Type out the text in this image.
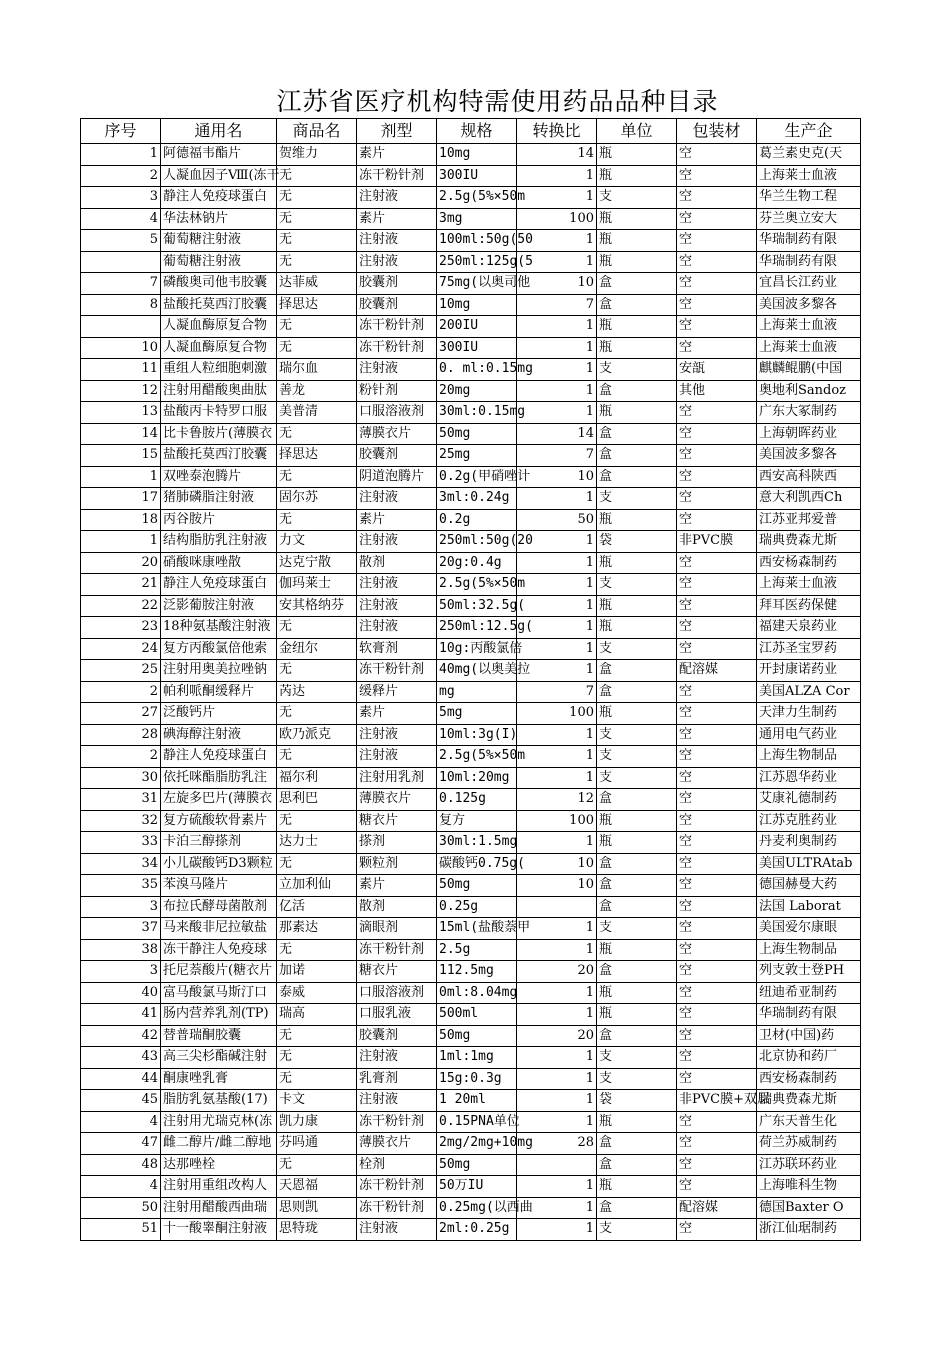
江苏省医疗机构特需使用药品品种目录
序号	通用名	商品名	剂型	规格	转换比	单位	包装材	生产企
1	阿德福韦酯片	贺维力	素片	10mg	14	瓶	空	葛兰素史克(天
2	人凝血因子Ⅷ(冻干	无	冻干粉针剂	300IU	1	瓶	空	上海莱士血液
3	静注人免疫球蛋白	无	注射液	2.5g(5%×50m	1	支	空	华兰生物工程
4	华法林钠片	无	素片	3mg	100	瓶	空	芬兰奥立安大
5	葡萄糖注射液	无	注射液	100ml:50g(50	1	瓶	空	华瑞制药有限
	葡萄糖注射液	无	注射液	250ml:125g(5	1	瓶	空	华瑞制药有限
7	磷酸奥司他韦胶囊	达菲威	胶囊剂	75mg(以奥司他	10	盒	空	宜昌长江药业
8	盐酸托莫西汀胶囊	择思达	胶囊剂	10mg	7	盒	空	美国波多黎各
	人凝血酶原复合物	无	冻干粉针剂	200IU	1	瓶	空	上海莱士血液
10	人凝血酶原复合物	无	冻干粉针剂	300IU	1	瓶	空	上海莱士血液
11	重组人粒细胞刺激	瑞尔血	注射液	0. ml:0.15mg	1	支	安瓿	麒麟鲲鹏(中国
12	注射用醋酸奥曲肽	善龙	粉针剂	20mg	1	盒	其他	奥地利Sandoz
13	盐酸丙卡特罗口服	美普清	口服溶液剂	30ml:0.15mg	1	瓶	空	广东大冢制药
14	比卡鲁胺片(薄膜衣	无	薄膜衣片	50mg	14	盒	空	上海朝晖药业
15	盐酸托莫西汀胶囊	择思达	胶囊剂	25mg	7	盒	空	美国波多黎各
1	双唑泰泡腾片	无	阴道泡腾片	0.2g(甲硝唑计	10	盒	空	西安高科陕西
17	猪肺磷脂注射液	固尔苏	注射液	3ml:0.24g	1	支	空	意大利凯西Ch
18	丙谷胺片	无	素片	0.2g	50	瓶	空	江苏亚邦爱普
1	结构脂肪乳注射液	力文	注射液	250ml:50g(20	1	袋	非PVC膜	瑞典费森尤斯
20	硝酸咪康唑散	达克宁散	散剂	20g:0.4g	1	瓶	空	西安杨森制药
21	静注人免疫球蛋白	伽玛莱士	注射液	2.5g(5%×50m	1	支	空	上海莱士血液
22	泛影葡胺注射液	安其格纳芬	注射液	50ml:32.5g(	1	瓶	空	拜耳医药保健
23	18种氨基酸注射液	无	注射液	250ml:12.5g(	1	瓶	空	福建天泉药业
24	复方丙酸氯倍他索	金纽尔	软膏剂	10g:丙酸氯倍	1	支	空	江苏圣宝罗药
25	注射用奥美拉唑钠	无	冻干粉针剂	40mg(以奥美拉	1	盒	配溶媒	开封康诺药业
2	帕利哌酮缓释片	芮达	缓释片	mg	7	盒	空	美国ALZA Cor
27	泛酸钙片	无	素片	5mg	100	瓶	空	天津力生制药
28	碘海醇注射液	欧乃派克	注射液	10ml:3g(I)	1	支	空	通用电气药业
2	静注人免疫球蛋白	无	注射液	2.5g(5%×50m	1	支	空	上海生物制品
30	依托咪酯脂肪乳注	福尔利	注射用乳剂	10ml:20mg	1	支	空	江苏恩华药业
31	左旋多巴片(薄膜衣	思利巴	薄膜衣片	0.125g	12	盒	空	艾康礼德制药
32	复方硫酸软骨素片	无	糖衣片	复方	100	瓶	空	江苏克胜药业
33	卡泊三醇搽剂	达力士	搽剂	30ml:1.5mg	1	瓶	空	丹麦利奥制药
34	小儿碳酸钙D3颗粒	无	颗粒剂	碳酸钙0.75g(	10	盒	空	美国ULTRAtab
35	苯溴马隆片	立加利仙	素片	50mg	10	盒	空	德国赫曼大药
3	布拉氏酵母菌散剂	亿活	散剂	0.25g		盒	空	法国 Laborat
37	马来酸非尼拉敏盐	那素达	滴眼剂	15ml(盐酸萘甲	1	支	空	美国爱尔康眼
38	冻干静注人免疫球	无	冻干粉针剂	2.5g	1	瓶	空	上海生物制品
3	托尼萘酸片(糖衣片	加诺	糖衣片	112.5mg	20	盒	空	列支敦士登PH
40	富马酸氯马斯汀口	泰威	口服溶液剂	0ml:8.04mg	1	瓶	空	纽迪希亚制药
41	肠内营养乳剂(TP)	瑞高	口服乳液	500ml	1	瓶	空	华瑞制药有限
42	替普瑞酮胶囊	无	胶囊剂	50mg	20	盒	空	卫材(中国)药
43	高三尖杉酯碱注射	无	注射液	1ml:1mg	1	支	空	北京协和药厂
44	酮康唑乳膏	无	乳膏剂	15g:0.3g	1	支	空	西安杨森制药
45	脂肪乳氨基酸(17)	卡文	注射液	1 20ml	1	袋	非PVC膜+双层	瑞典费森尤斯
4	注射用尤瑞克林(冻	凯力康	冻干粉针剂	0.15PNA单位	1	瓶	空	广东天普生化
47	雌二醇片/雌二醇地	芬吗通	薄膜衣片	2mg/2mg+10mg	28	盒	空	荷兰苏威制药
48	达那唑栓	无	栓剂	50mg		盒	空	江苏联环药业
4	注射用重组改构人	天恩福	冻干粉针剂	50万IU	1	瓶	空	上海唯科生物
50	注射用醋酸西曲瑞	思则凯	冻干粉针剂	0.25mg(以西曲	1	盒	配溶媒	德国Baxter O
51	十一酸睾酮注射液	思特珑	注射液	2ml:0.25g	1	支	空	浙江仙琚制药
